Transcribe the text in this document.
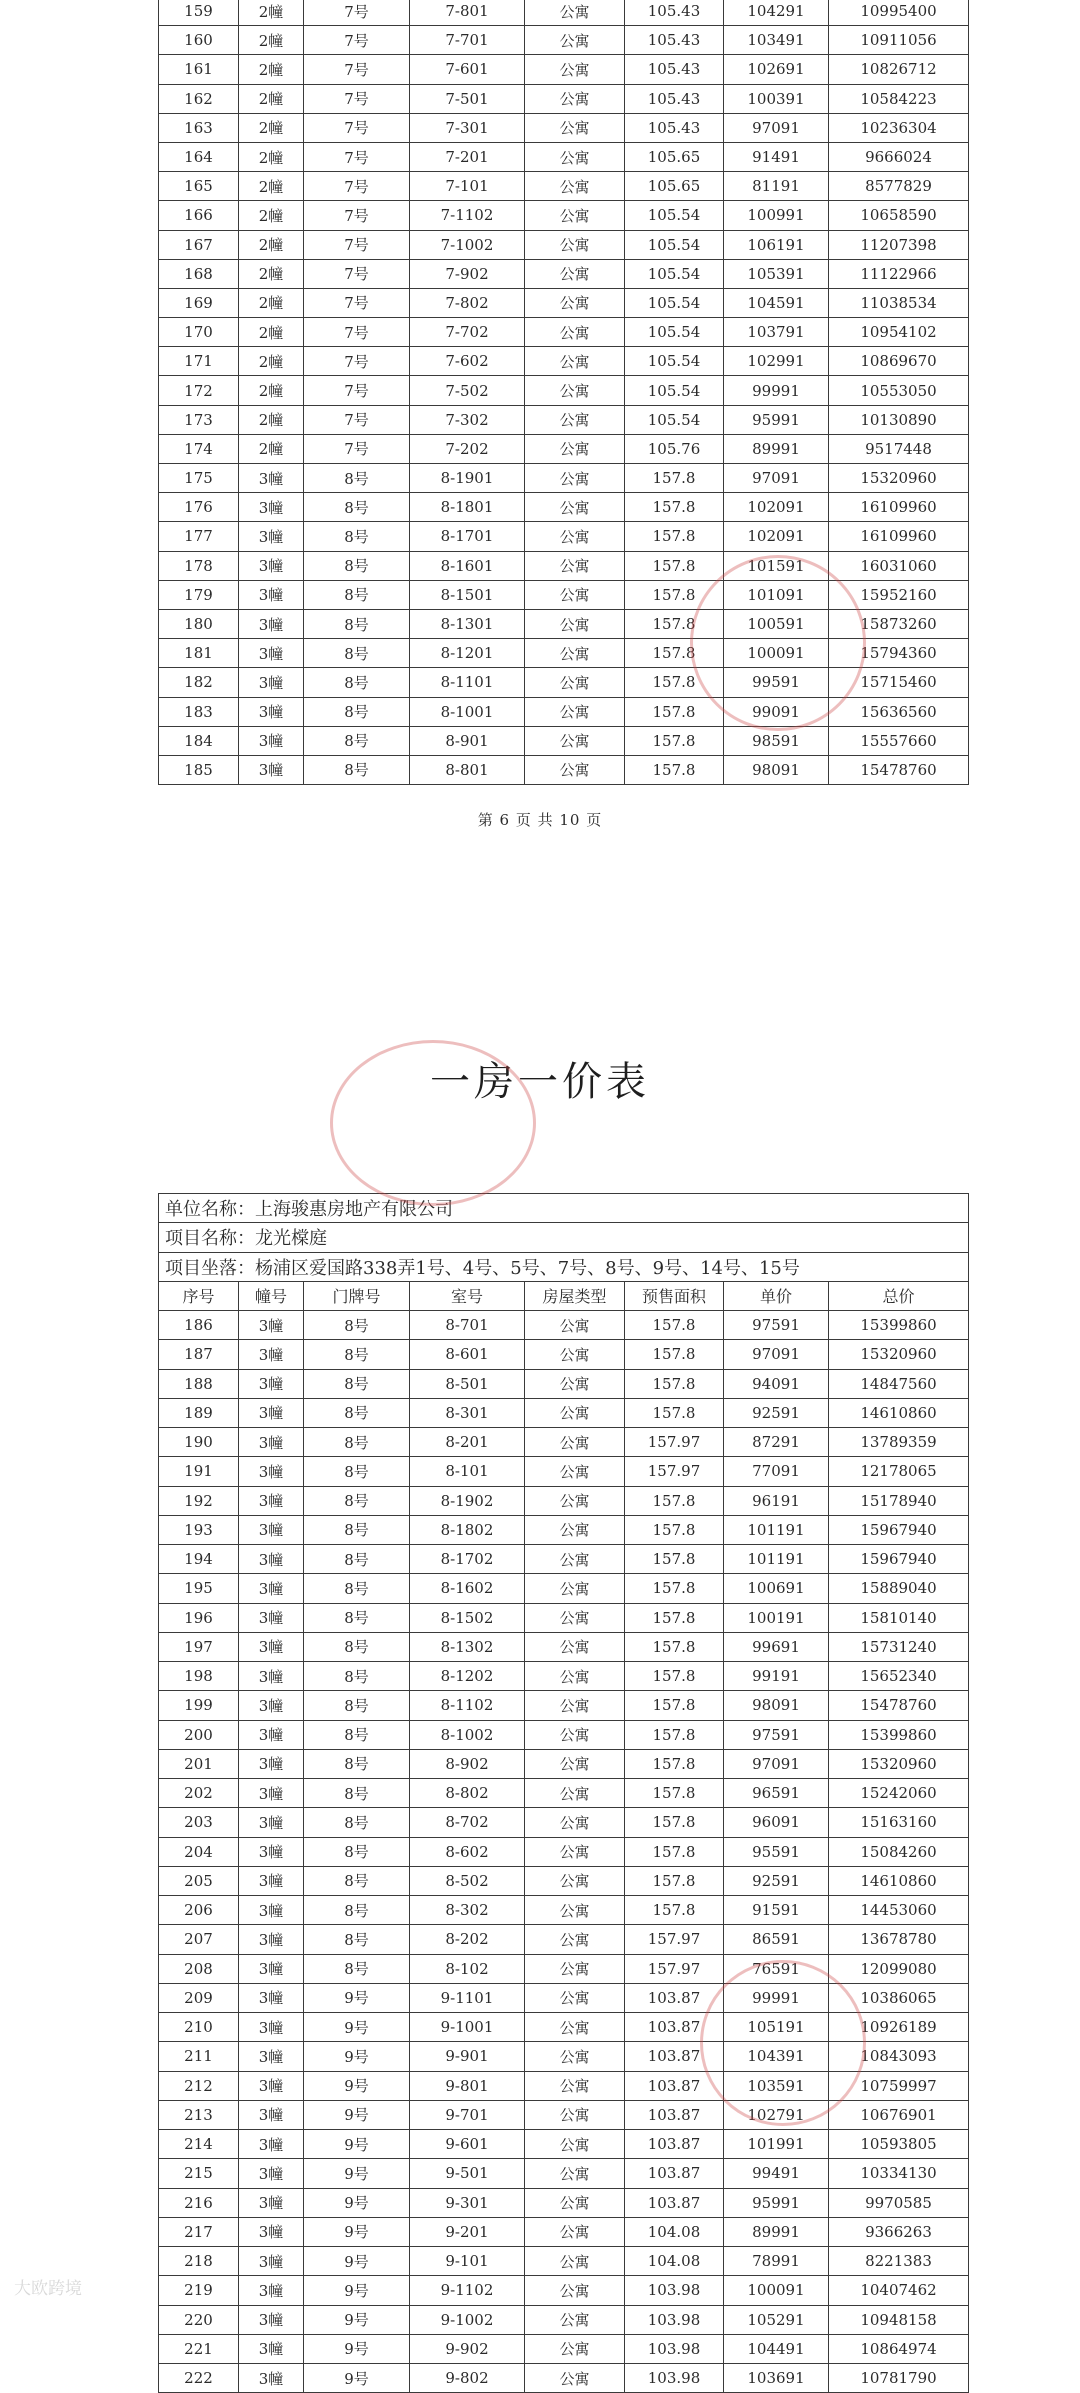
159	2幢	7号	7-801	公寓	105.43	104291	10995400
160	2幢	7号	7-701	公寓	105.43	103491	10911056
161	2幢	7号	7-601	公寓	105.43	102691	10826712
162	2幢	7号	7-501	公寓	105.43	100391	10584223
163	2幢	7号	7-301	公寓	105.43	97091	10236304
164	2幢	7号	7-201	公寓	105.65	91491	9666024
165	2幢	7号	7-101	公寓	105.65	81191	8577829
166	2幢	7号	7-1102	公寓	105.54	100991	10658590
167	2幢	7号	7-1002	公寓	105.54	106191	11207398
168	2幢	7号	7-902	公寓	105.54	105391	11122966
169	2幢	7号	7-802	公寓	105.54	104591	11038534
170	2幢	7号	7-702	公寓	105.54	103791	10954102
171	2幢	7号	7-602	公寓	105.54	102991	10869670
172	2幢	7号	7-502	公寓	105.54	99991	10553050
173	2幢	7号	7-302	公寓	105.54	95991	10130890
174	2幢	7号	7-202	公寓	105.76	89991	9517448
175	3幢	8号	8-1901	公寓	157.8	97091	15320960
176	3幢	8号	8-1801	公寓	157.8	102091	16109960
177	3幢	8号	8-1701	公寓	157.8	102091	16109960
178	3幢	8号	8-1601	公寓	157.8	101591	16031060
179	3幢	8号	8-1501	公寓	157.8	101091	15952160
180	3幢	8号	8-1301	公寓	157.8	100591	15873260
181	3幢	8号	8-1201	公寓	157.8	100091	15794360
182	3幢	8号	8-1101	公寓	157.8	99591	15715460
183	3幢	8号	8-1001	公寓	157.8	99091	15636560
184	3幢	8号	8-901	公寓	157.8	98591	15557660
185	3幢	8号	8-801	公寓	157.8	98091	15478760
第 6 页 共 10 页
一房一价表
单位名称：上海骏惠房地产有限公司							
项目名称：龙光橖庭							
项目坐落：杨浦区爱国路338弄1号、4号、5号、7号、8号、9号、14号、15号							
序号	幢号	门牌号	室号	房屋类型	预售面积	单价	总价
186	3幢	8号	8-701	公寓	157.8	97591	15399860
187	3幢	8号	8-601	公寓	157.8	97091	15320960
188	3幢	8号	8-501	公寓	157.8	94091	14847560
189	3幢	8号	8-301	公寓	157.8	92591	14610860
190	3幢	8号	8-201	公寓	157.97	87291	13789359
191	3幢	8号	8-101	公寓	157.97	77091	12178065
192	3幢	8号	8-1902	公寓	157.8	96191	15178940
193	3幢	8号	8-1802	公寓	157.8	101191	15967940
194	3幢	8号	8-1702	公寓	157.8	101191	15967940
195	3幢	8号	8-1602	公寓	157.8	100691	15889040
196	3幢	8号	8-1502	公寓	157.8	100191	15810140
197	3幢	8号	8-1302	公寓	157.8	99691	15731240
198	3幢	8号	8-1202	公寓	157.8	99191	15652340
199	3幢	8号	8-1102	公寓	157.8	98091	15478760
200	3幢	8号	8-1002	公寓	157.8	97591	15399860
201	3幢	8号	8-902	公寓	157.8	97091	15320960
202	3幢	8号	8-802	公寓	157.8	96591	15242060
203	3幢	8号	8-702	公寓	157.8	96091	15163160
204	3幢	8号	8-602	公寓	157.8	95591	15084260
205	3幢	8号	8-502	公寓	157.8	92591	14610860
206	3幢	8号	8-302	公寓	157.8	91591	14453060
207	3幢	8号	8-202	公寓	157.97	86591	13678780
208	3幢	8号	8-102	公寓	157.97	76591	12099080
209	3幢	9号	9-1101	公寓	103.87	99991	10386065
210	3幢	9号	9-1001	公寓	103.87	105191	10926189
211	3幢	9号	9-901	公寓	103.87	104391	10843093
212	3幢	9号	9-801	公寓	103.87	103591	10759997
213	3幢	9号	9-701	公寓	103.87	102791	10676901
214	3幢	9号	9-601	公寓	103.87	101991	10593805
215	3幢	9号	9-501	公寓	103.87	99491	10334130
216	3幢	9号	9-301	公寓	103.87	95991	9970585
217	3幢	9号	9-201	公寓	104.08	89991	9366263
218	3幢	9号	9-101	公寓	104.08	78991	8221383
219	3幢	9号	9-1102	公寓	103.98	100091	10407462
220	3幢	9号	9-1002	公寓	103.98	105291	10948158
221	3幢	9号	9-902	公寓	103.98	104491	10864974
222	3幢	9号	9-802	公寓	103.98	103691	10781790
大欧跨境
